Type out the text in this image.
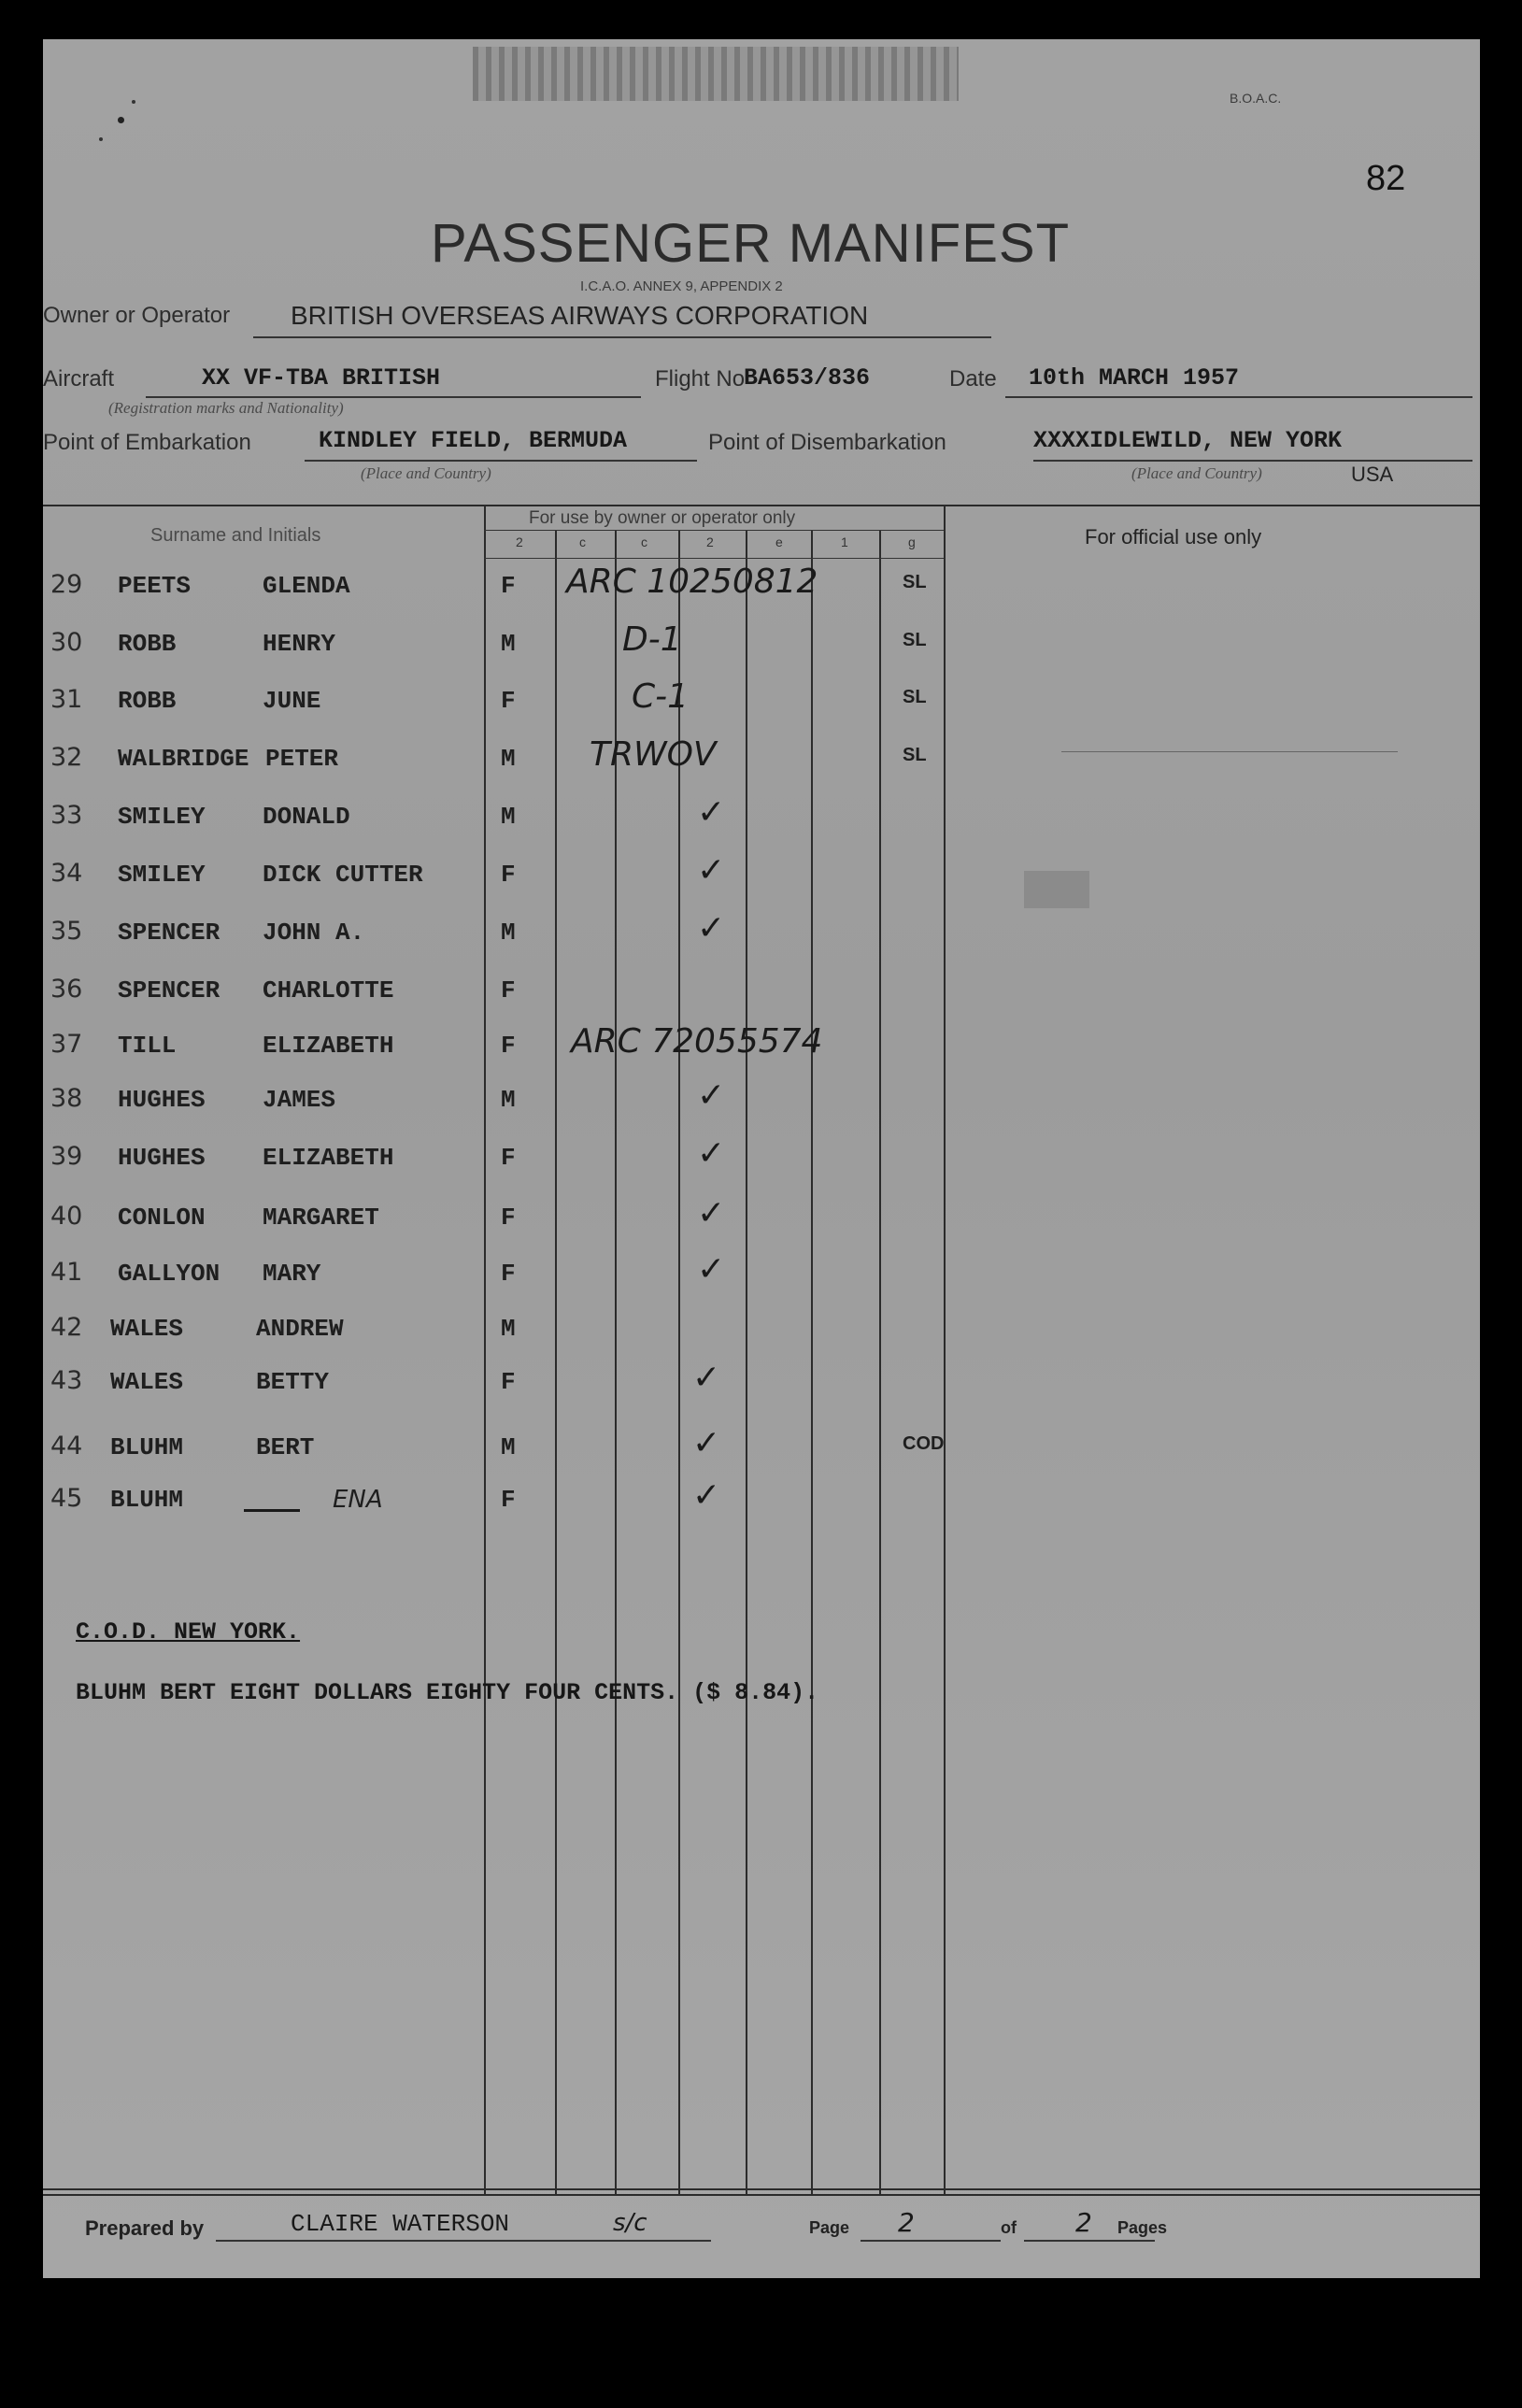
B.O.A.C.
82
PASSENGER MANIFEST
I.C.A.O. ANNEX 9, APPENDIX 2
Owner or Operator BRITISH OVERSEAS AIRWAYS CORPORATION
Aircraft	XX VF-TBA BRITISH
(Registration marks and Nationality)
Flight No
BA653/836	Date 10th MARCH 1957
Point of Embarkation	KINDLEY FIELD, BERMUDA
(Place and Country)
Point of Disembarkation	XXXXIDLEWILD, NEW YORK
(Place and Country)	USA
Surname and Initials
For use by owner or operator only
For official use only
2	c	c	2	e	1	g
29 PEETS	GLENDA	F ARC 10250812	SL
30 ROBB	HENRY	M	D-1	SL
31 ROBB	JUNE	F	C-1	SL
32 WALBRIDGE PETER	M TRWOV	SL
33 SMILEY DONALD	M	✓
34 SMILEY DICK CUTTER	F	✓
35 SPENCER JOHN A.	M	✓
36 SPENCER CHARLOTTE	F
37 TILL	ELIZABETH	F ARC 72055574
38 HUGHES JAMES	M	✓
39 HUGHES ELIZABETH	F	✓
40 CONLON MARGARET	F	✓
41 GALLYON MARY	F	✓
42 WALES	ANDREW	M
43 WALES	BETTY	F	✓
44 BLUHM	BERT	M	✓	COD
45 BLUHM	ENA	F	✓
C.O.D. NEW YORK.
BLUHM BERT EIGHT DOLLARS EIGHTY FOUR CENTS. ($ 8.84).
Prepared by	CLAIRE WATERSON	s/c	Page 2	of 2 Pages
